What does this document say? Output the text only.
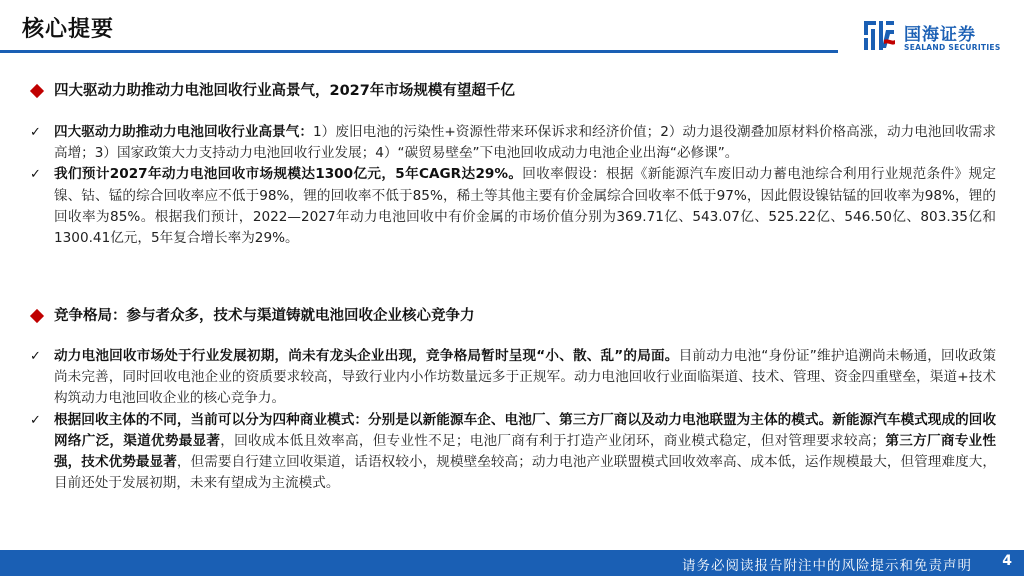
核心提要	国海证券
SEALAND SECURITIES
四大驱动力助推动力电池回收行业高景气，2027年市场规模有望超千亿
✓ 四大驱动力助推动力电池回收行业高景气：1）废旧电池的污染性+资源性带来环保诉求和经济价值；2）动力退役潮叠加原材料价格高涨，动力电池回收需求高增；3）国家政策大力支持动力电池回收行业发展；4）“碳贸易壁垒”下电池回收成动力电池企业出海“必修课”。
✓ 我们预计2027年动力电池回收市场规模达1300亿元，5年CAGR达29%。回收率假设：根据《新能源汽车废旧动力蓄电池综合利用行业规范条件》规定镍、钴、锰的综合回收率应不低于98%，锂的回收率不低于85%，稀土等其他主要有价金属综合回收率不低于97%，因此假设镍钴锰的回收率为98%，锂的回收率为85%。根据我们预计，2022—2027年动力电池回收中有价金属的市场价值分别为369.71亿、543.07亿、525.22亿、546.50亿、803.35亿和1300.41亿元，5年复合增长率为29%。
竞争格局：参与者众多，技术与渠道铸就电池回收企业核心竞争力
✓ 动力电池回收市场处于行业发展初期，尚未有龙头企业出现，竞争格局暂时呈现“小、散、乱”的局面。目前动力电池“身份证”维护追溯尚未畅通，回收政策尚未完善，同时回收电池企业的资质要求较高，导致行业内小作坊数量远多于正规军。动力电池回收行业面临渠道、技术、管理、资金四重壁垒，渠道+技术构筑动力电池回收企业的核心竞争力。
✓ 根据回收主体的不同，当前可以分为四种商业模式：分别是以新能源车企、电池厂、第三方厂商以及动力电池联盟为主体的模式。新能源汽车模式现成的回收网络广泛，渠道优势最显著，回收成本低且效率高，但专业性不足；电池厂商有利于打造产业闭环，商业模式稳定，但对管理要求较高；第三方厂商专业性强，技术优势最显著，但需要自行建立回收渠道，话语权较小，规模壁垒较高；动力电池产业联盟模式回收效率高、成本低，运作规模最大，但管理难度大，目前还处于发展初期，未来有望成为主流模式。
请务必阅读报告附注中的风险提示和免责声明 4
